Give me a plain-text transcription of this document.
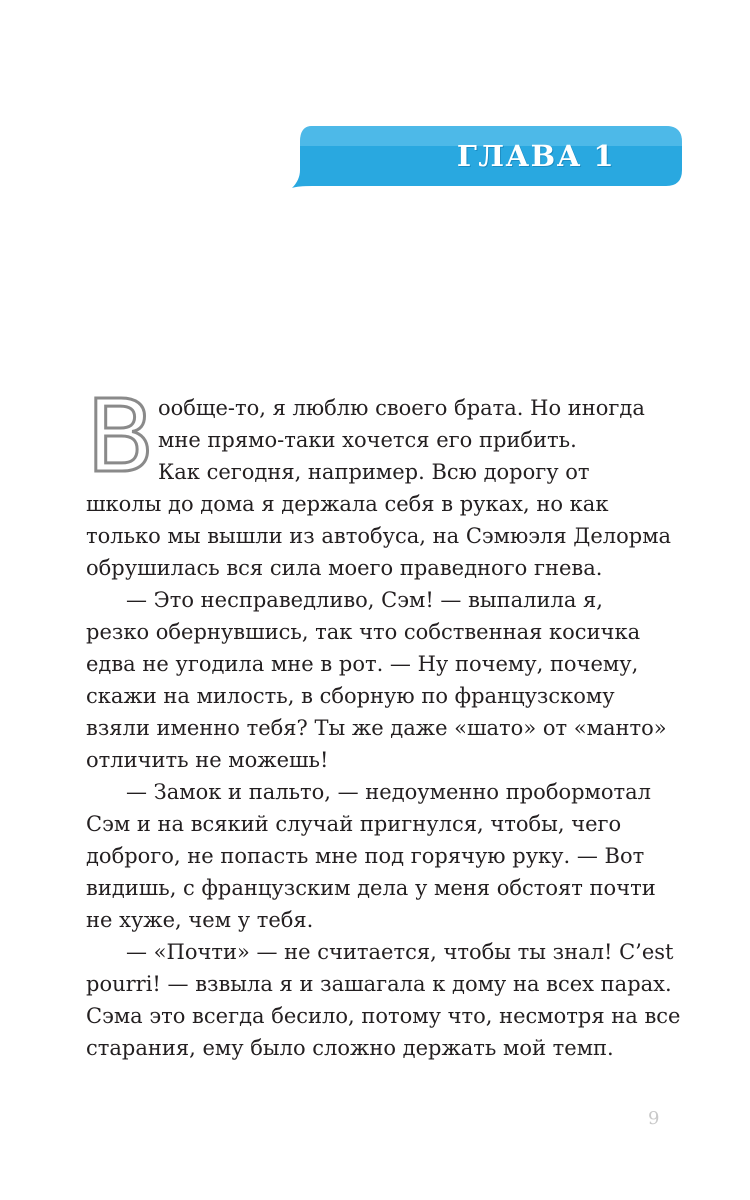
ГЛАВА 1
В ообще-то, я люблю своего брата. Но иногда
мне прямо-таки хочется его прибить.
Как сегодня, например. Всю дорогу от
школы до дома я держала себя в руках, но как
только мы вышли из автобуса, на Сэмюэля Делорма
обрушилась вся сила моего праведного гнева.
— Это несправедливо, Сэм! — выпалила я,
резко обернувшись, так что собственная косичка
едва не угодила мне в рот. — Ну почему, почему,
скажи на милость, в сборную по французскому
взяли именно тебя? Ты же даже «шато» от «манто»
отличить не можешь!
— Замок и пальто, — недоуменно пробормотал
Сэм и на всякий случай пригнулся, чтобы, чего
доброго, не попасть мне под горячую руку. — Вот
видишь, с французским дела у меня обстоят почти
не хуже, чем у тебя.
— «Почти» — не считается, чтобы ты знал! C’est
pourri! — взвыла я и зашагала к дому на всех парах.
Сэма это всегда бесило, потому что, несмотря на все
старания, ему было сложно держать мой темп.
9
